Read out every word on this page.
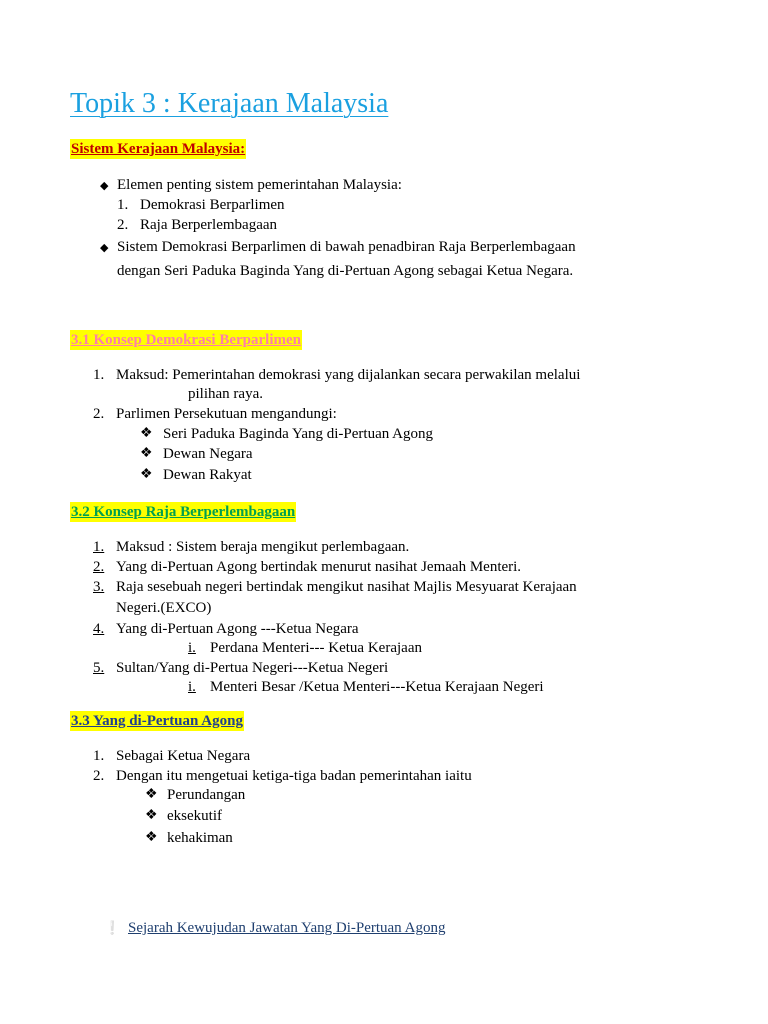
Topik 3 : Kerajaan Malaysia
Sistem Kerajaan Malaysia:
◆ Elemen penting sistem pemerintahan Malaysia:
1. Demokrasi Berparlimen
2. Raja Berperlembagaan
◆ Sistem Demokrasi Berparlimen di bawah penadbiran Raja Berperlembagaan
dengan Seri Paduka Baginda Yang di-Pertuan Agong sebagai Ketua Negara.
3.1 Konsep Demokrasi Berparlimen
1. Maksud: Pemerintahan demokrasi yang dijalankan secara perwakilan melalui
pilihan raya.
2. Parlimen Persekutuan mengandungi:
❖ Seri Paduka Baginda Yang di-Pertuan Agong
❖ Dewan Negara
❖ Dewan Rakyat
3.2 Konsep Raja Berperlembagaan
1. Maksud : Sistem beraja mengikut perlembagaan.
2. Yang di-Pertuan Agong bertindak menurut nasihat Jemaah Menteri.
3. Raja sesebuah negeri bertindak mengikut nasihat Majlis Mesyuarat Kerajaan
Negeri.(EXCO)
4. Yang di-Pertuan Agong ---Ketua Negara
i. Perdana Menteri--- Ketua Kerajaan
5. Sultan/Yang di-Pertua Negeri---Ketua Negeri
i. Menteri Besar /Ketua Menteri---Ketua Kerajaan Negeri
3.3 Yang di-Pertuan Agong
1. Sebagai Ketua Negara
2. Dengan itu mengetuai ketiga-tiga badan pemerintahan iaitu
❖ Perundangan
❖ eksekutif
❖ kehakiman
❕ Sejarah Kewujudan Jawatan Yang Di-Pertuan Agong
